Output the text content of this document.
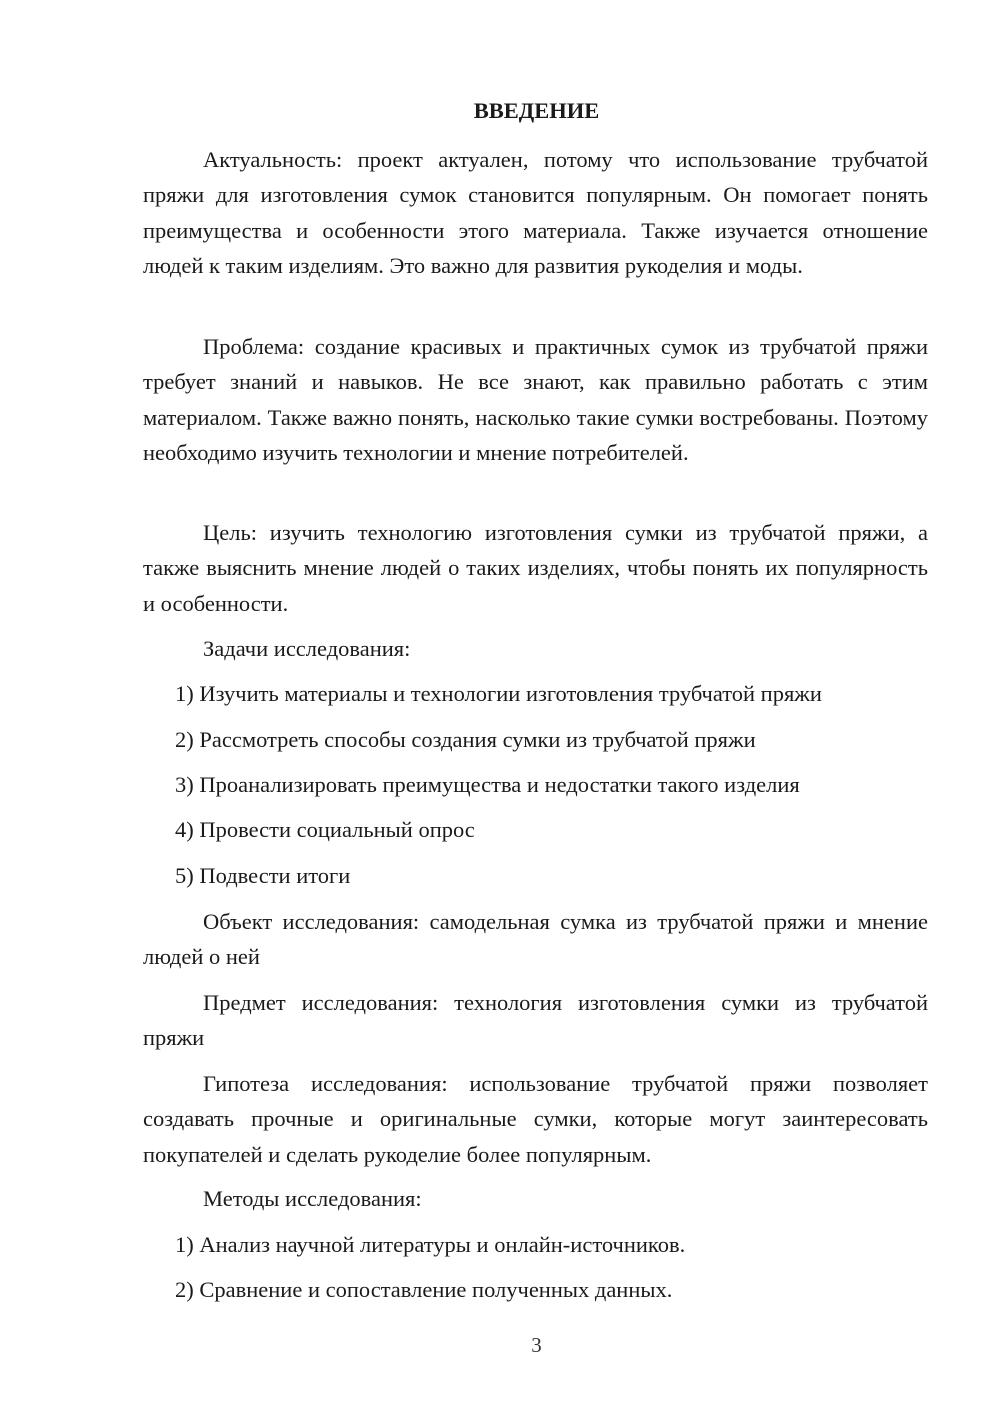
ВВЕДЕНИЕ

Актуальность: проект актуален, потому что использование трубчатой пряжи для изготовления сумок становится популярным. Он помогает понять преимущества и особенности этого материала. Также изучается отношение людей к таким изделиям. Это важно для развития рукоделия и моды.

Проблема: создание красивых и практичных сумок из трубчатой пряжи требует знаний и навыков. Не все знают, как правильно работать с этим материалом. Также важно понять, насколько такие сумки востребованы. Поэтому необходимо изучить технологии и мнение потребителей.

Цель: изучить технологию изготовления сумки из трубчатой пряжи, а также выяснить мнение людей о таких изделиях, чтобы понять их популярность и особенности.

Задачи исследования:

1) Изучить материалы и технологии изготовления трубчатой пряжи

2) Рассмотреть способы создания сумки из трубчатой пряжи

3) Проанализировать преимущества и недостатки такого изделия

4) Провести социальный опрос

5) Подвести итоги

Объект исследования: самодельная сумка из трубчатой пряжи и мнение людей о ней

Предмет исследования: технология изготовления сумки из трубчатой пряжи

Гипотеза исследования: использование трубчатой пряжи позволяет создавать прочные и оригинальные сумки, которые могут заинтересовать покупателей и сделать рукоделие более популярным.

Методы исследования:

1) Анализ научной литературы и онлайн-источников.

2) Сравнение и сопоставление полученных данных.

3
